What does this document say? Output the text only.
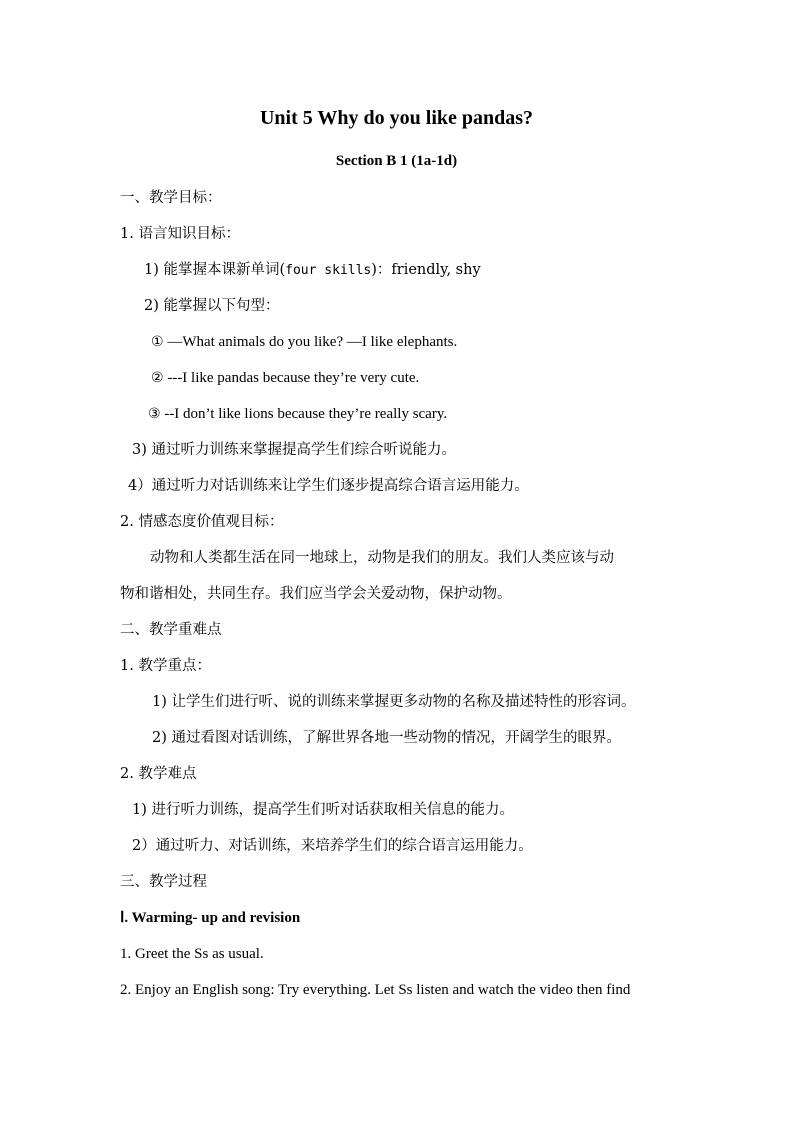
Unit 5 Why do you like pandas?
Section B 1 (1a-1d)
一、教学目标：
1. 语言知识目标：
1) 能掌握本课新单词(four skills)：friendly, shy
2) 能掌握以下句型：
① —What animals do you like? —I like elephants.
② ---I like pandas because they’re very cute.
③ --I don’t like lions because they’re really scary.
3) 通过听力训练来掌握提高学生们综合听说能力。
4）通过听力对话训练来让学生们逐步提高综合语言运用能力。
2. 情感态度价值观目标：
动物和人类都生活在同一地球上，动物是我们的朋友。我们人类应该与动
物和谐相处，共同生存。我们应当学会关爱动物，保护动物。
二、教学重难点
1. 教学重点：
1) 让学生们进行听、说的训练来掌握更多动物的名称及描述特性的形容词。
2) 通过看图对话训练，了解世界各地一些动物的情况，开阔学生的眼界。
2. 教学难点
1) 进行听力训练，提高学生们听对话获取相关信息的能力。
2）通过听力、对话训练，来培养学生们的综合语言运用能力。
三、教学过程
Ⅰ. Warming- up and revision
1. Greet the Ss as usual.
2. Enjoy an English song: Try everything. Let Ss listen and watch the video then find
